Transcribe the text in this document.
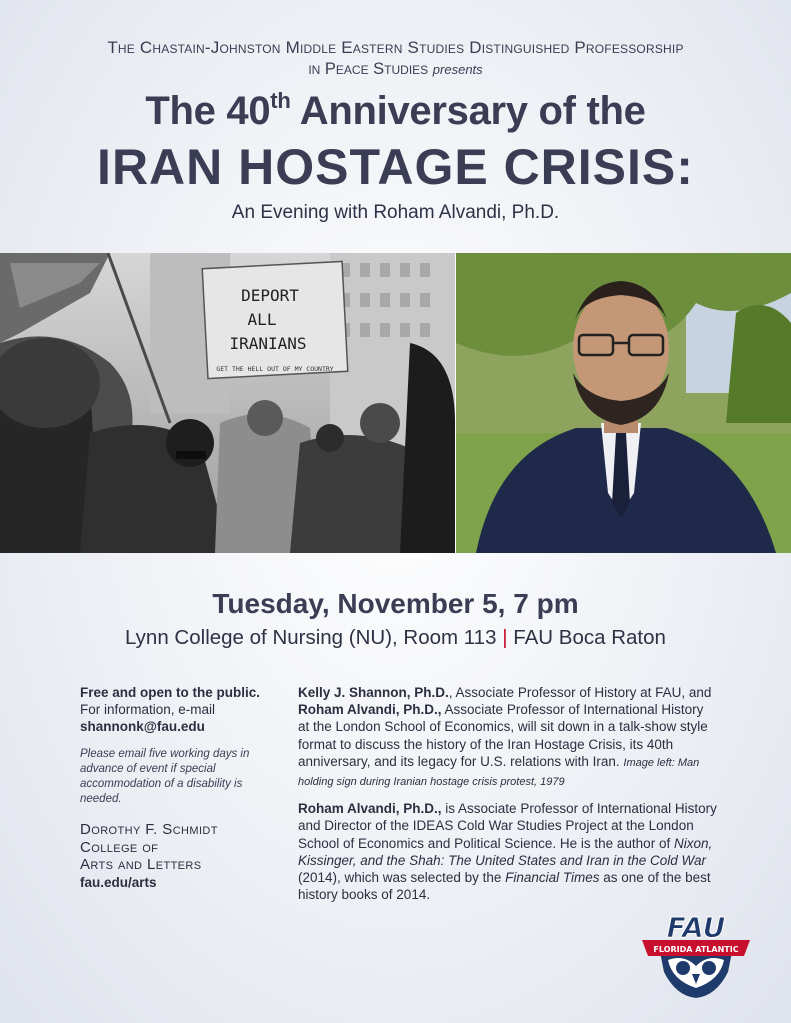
The Chastain-Johnston Middle Eastern Studies Distinguished Professorship
in Peace Studies presents
The 40th Anniversary of the
IRAN HOSTAGE CRISIS:
An Evening with Roham Alvandi, Ph.D.
DEPORT
ALL
IRANIANS
GET THE HELL OUT OF MY COUNTRY
Tuesday, November 5, 7 pm
Lynn College of Nursing (NU), Room 113 | FAU Boca Raton
Free and open to the public.
For information, e-mail
shannonk@fau.edu
Please email five working days in advance of event if special accommodation of a disability is needed.
Dorothy F. Schmidt
College of
Arts and Letters
fau.edu/arts

Kelly J. Shannon, Ph.D., Associate Professor of History at FAU, and Roham Alvandi, Ph.D., Associate Professor of International History at the London School of Economics, will sit down in a talk-show style format to discuss the history of the Iran Hostage Crisis, its 40th anniversary, and its legacy for U.S. relations with Iran. Image left: Man holding sign during Iranian hostage crisis protest, 1979

Roham Alvandi, Ph.D., is Associate Professor of International History and Director of the IDEAS Cold War Studies Project at the London School of Economics and Political Science. He is the author of Nixon, Kissinger, and the Shah: The United States and Iran in the Cold War (2014), which was selected by the Financial Times as one of the best history books of 2014.

FLORIDA ATLANTIC
FAU
